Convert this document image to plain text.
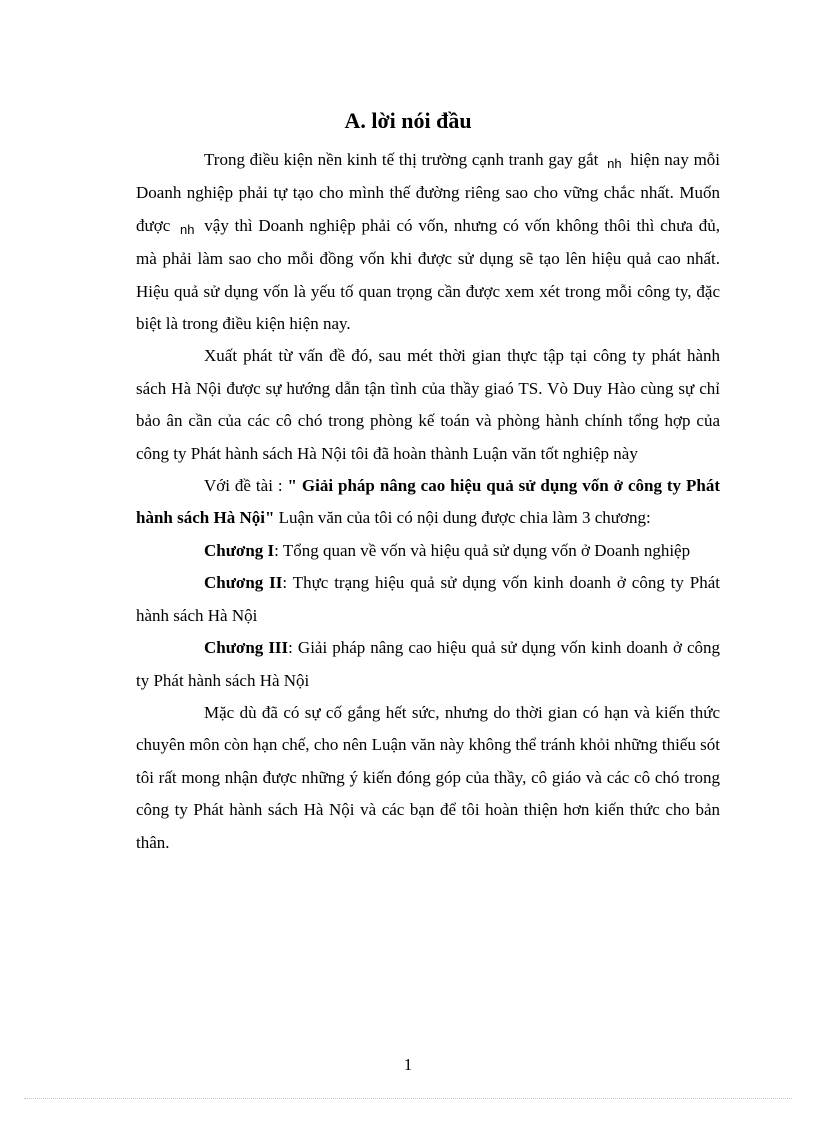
A. lời nói đầu

Trong điều kiện nền kinh tế thị trường cạnh tranh gay gắt nh hiện nay mỗi Doanh nghiệp phải tự tạo cho mình thế đường riêng sao cho vững chắc nhất. Muốn được nh vậy thì Doanh nghiệp phải có vốn, nhưng có vốn không thôi thì chưa đủ, mà phải làm sao cho mỗi đồng vốn khi được sử dụng sẽ tạo lên hiệu quả cao nhất. Hiệu quả sử dụng vốn là yếu tố quan trọng cần được xem xét trong mỗi công ty, đặc biệt là trong điều kiện hiện nay.

Xuất phát từ vấn đề đó, sau mét thời gian thực tập tại công ty phát hành sách Hà Nội được sự hướng dẫn tận tình của thầy giaó TS. Vò Duy Hào cùng sự chỉ bảo ân cần của các cô chó trong phòng kế toán và phòng hành chính tổng hợp của công ty Phát hành sách Hà Nội tôi đã hoàn thành Luận văn tốt nghiệp này

Với đề tài : " Giải pháp nâng cao hiệu quả sử dụng vốn ở công ty Phát hành sách Hà Nội" Luận văn của tôi có nội dung được chia làm 3 chương:

Chương I: Tổng quan về vốn và hiệu quả sử dụng vốn ở Doanh nghiệp

Chương II: Thực trạng hiệu quả sử dụng vốn kinh doanh ở công ty Phát hành sách Hà Nội

Chương III: Giải pháp nâng cao hiệu quả sử dụng vốn kinh doanh ở công ty Phát hành sách Hà Nội

Mặc dù đã có sự cố gắng hết sức, nhưng do thời gian có hạn và kiến thức chuyên môn còn hạn chế, cho nên Luận văn này không thể tránh khỏi những thiếu sót tôi rất mong nhận được những ý kiến đóng góp của thầy, cô giáo và các cô chó trong công ty Phát hành sách Hà Nội và các bạn để tôi hoàn thiện hơn kiến thức cho bản thân.

1
